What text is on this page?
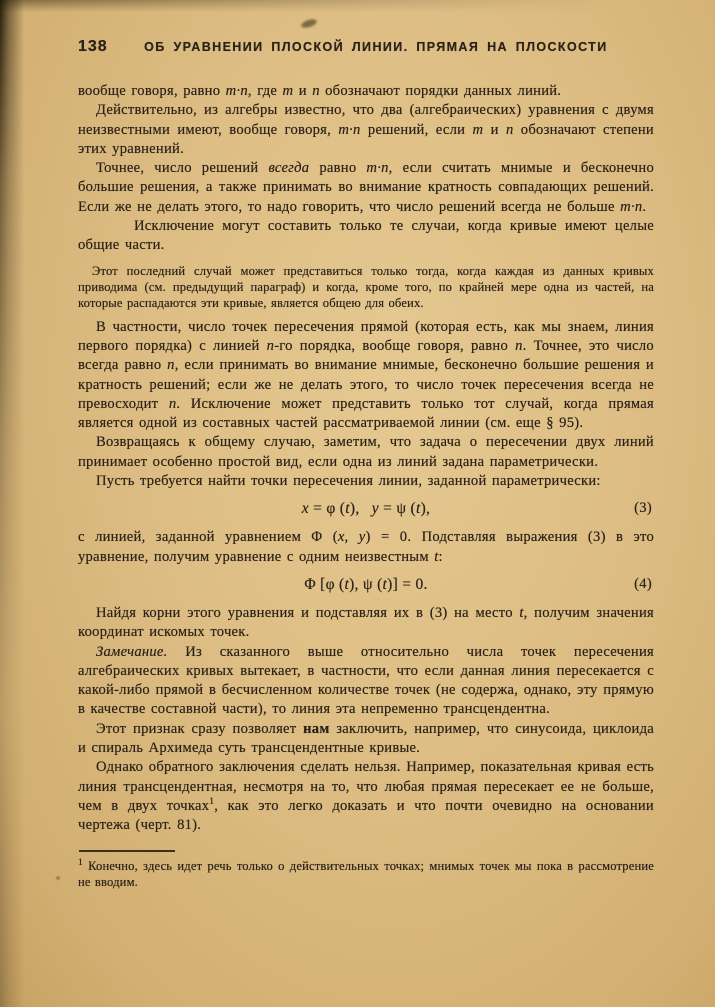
138	ОБ УРАВНЕНИИ ПЛОСКОЙ ЛИНИИ. ПРЯМАЯ НА ПЛОСКОСТИ

вообще говоря, равно m·n, где m и n обозначают порядки данных линий.

Действительно, из алгебры известно, что два (алгебраических) уравнения с двумя неизвестными имеют, вообще говоря, m·n решений, если m и n обозначают степени этих уравнений.

Точнее, число решений всегда равно m·n, если считать мнимые и бесконечно большие решения, а также принимать во внимание кратность совпадающих решений. Если же не делать этого, то надо говорить, что число решений всегда не больше m·n.

Исключение могут составить только те случаи, когда кривые имеют целые общие части.

Этот последний случай может представиться только тогда, когда каждая из данных кривых приводима (см. предыдущий параграф) и когда, кроме того, по крайней мере одна из частей, на которые распадаются эти кривые, является общею для обеих.

В частности, число точек пересечения прямой (которая есть, как мы знаем, линия первого порядка) с линией n-го порядка, вообще говоря, равно n. Точнее, это число всегда равно n, если принимать во внимание мнимые, бесконечно большие решения и кратность решений; если же не делать этого, то число точек пересечения всегда не превосходит n. Исключение может представить только тот случай, когда прямая является одной из составных частей рассматриваемой линии (см. еще § 95).

Возвращаясь к общему случаю, заметим, что задача о пересечении двух линий принимает особенно простой вид, если одна из линий задана параметрически.

Пусть требуется найти точки пересечения линии, заданной параметрически:

x = φ (t),  y = ψ (t),	(3)

с линией, заданной уравнением Φ (x, y) = 0. Подставляя выражения (3) в это уравнение, получим уравнение с одним неизвестным t:

Φ [φ (t), ψ (t)] = 0.	(4)

Найдя корни этого уравнения и подставляя их в (3) на место t, получим значения координат искомых точек.

Замечание. Из сказанного выше относительно числа точек пересечения алгебраических кривых вытекает, в частности, что если данная линия пересекается с какой-либо прямой в бесчисленном количестве точек (не содержа, однако, эту прямую в качестве составной части), то линия эта непременно трансцендентна.

Этот признак сразу позволяет нам заключить, например, что синусоида, циклоида и спираль Архимеда суть трансцендентные кривые.

Однако обратного заключения сделать нельзя. Например, показательная кривая есть линия трансцендентная, несмотря на то, что любая прямая пересекает ее не больше, чем в двух точках$^1$, как это легко доказать и что почти очевидно на основании чертежа (черт. 81).

$^1$ Конечно, здесь идет речь только о действительных точках; мнимых точек мы пока в рассмотрение не вводим.
